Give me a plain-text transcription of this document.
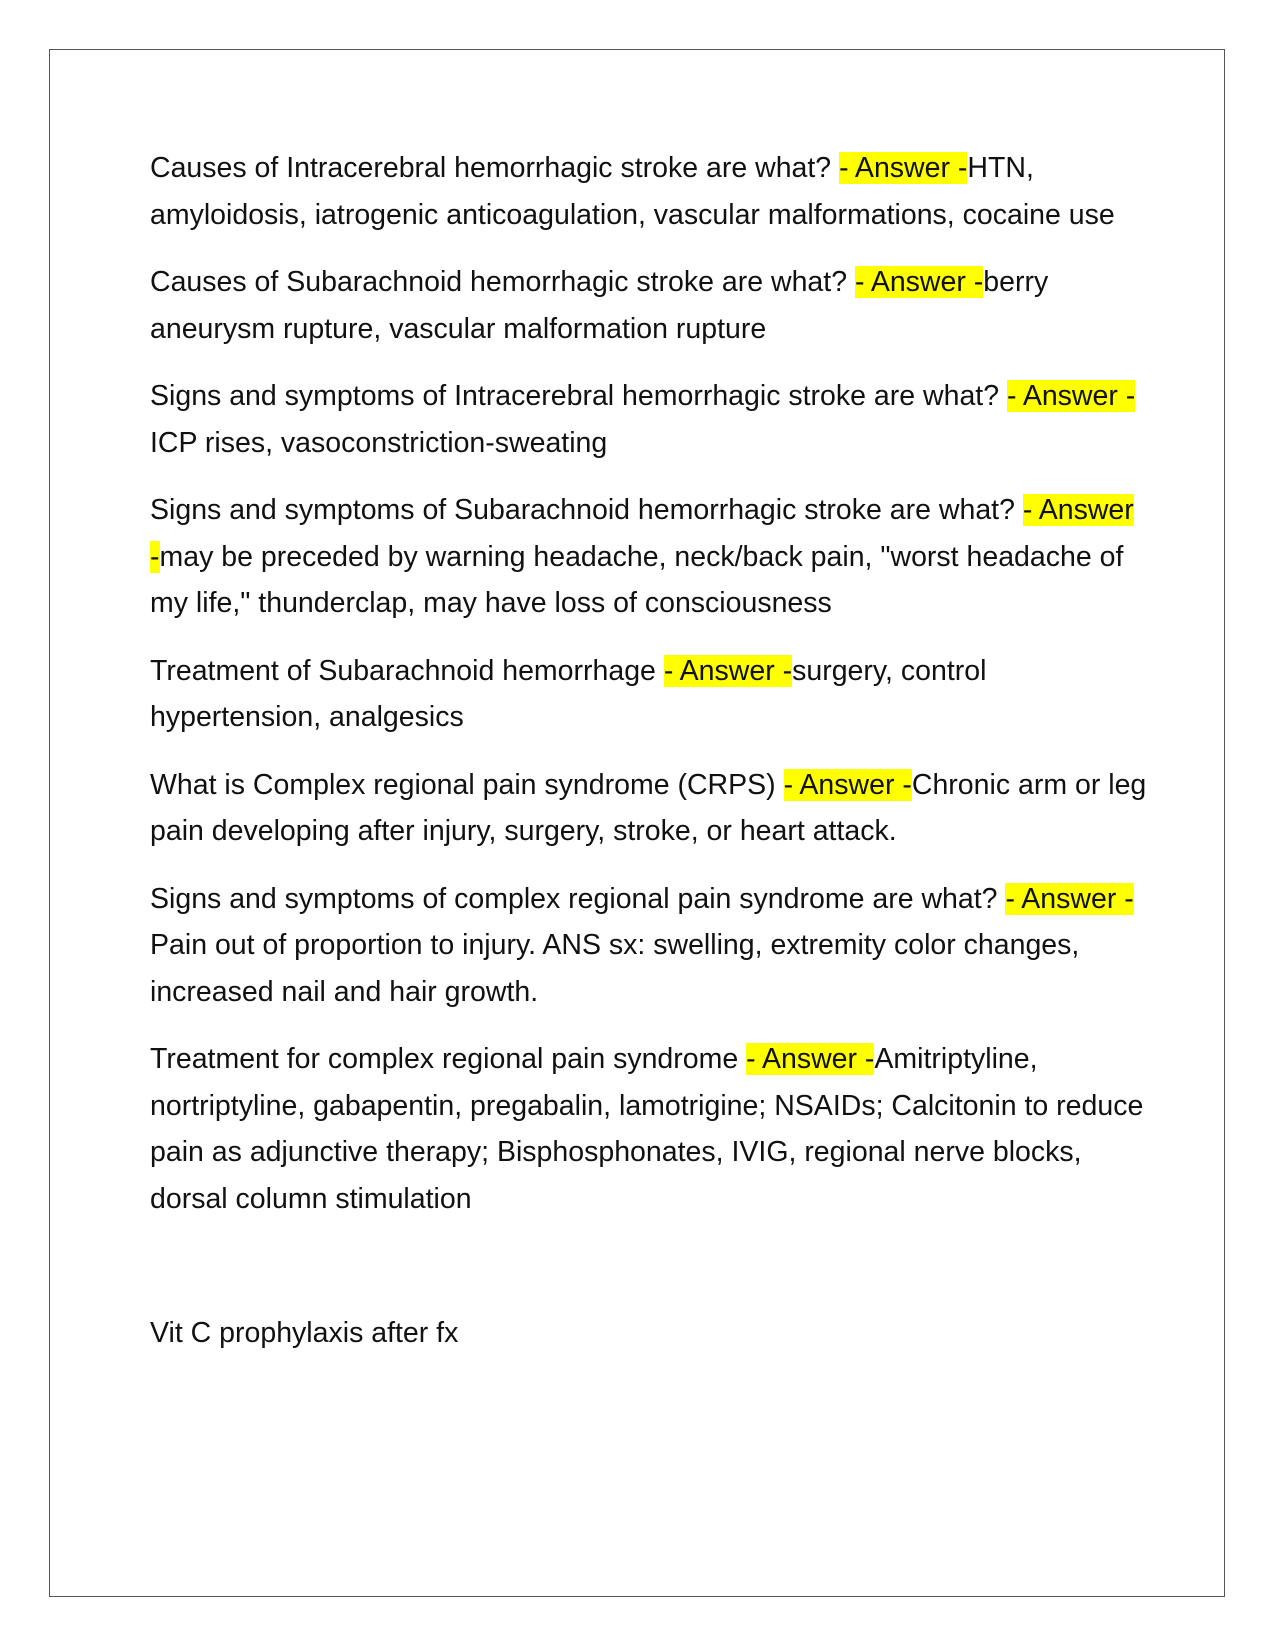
Causes of Intracerebral hemorrhagic stroke are what? - Answer -HTN, amyloidosis, iatrogenic anticoagulation, vascular malformations, cocaine use

Causes of Subarachnoid hemorrhagic stroke are what? - Answer -berry aneurysm rupture, vascular malformation rupture

Signs and symptoms of Intracerebral hemorrhagic stroke are what? - Answer -ICP rises, vasoconstriction-sweating

Signs and symptoms of Subarachnoid hemorrhagic stroke are what? - Answer -may be preceded by warning headache, neck/back pain, "worst headache of my life," thunderclap, may have loss of consciousness

Treatment of Subarachnoid hemorrhage - Answer -surgery, control hypertension, analgesics

What is Complex regional pain syndrome (CRPS) - Answer -Chronic arm or leg pain developing after injury, surgery, stroke, or heart attack.

Signs and symptoms of complex regional pain syndrome are what? - Answer -Pain out of proportion to injury. ANS sx: swelling, extremity color changes, increased nail and hair growth.

Treatment for complex regional pain syndrome - Answer -Amitriptyline, nortriptyline, gabapentin, pregabalin, lamotrigine; NSAIDs; Calcitonin to reduce pain as adjunctive therapy; Bisphosphonates, IVIG, regional nerve blocks, dorsal column stimulation

Vit C prophylaxis after fx
